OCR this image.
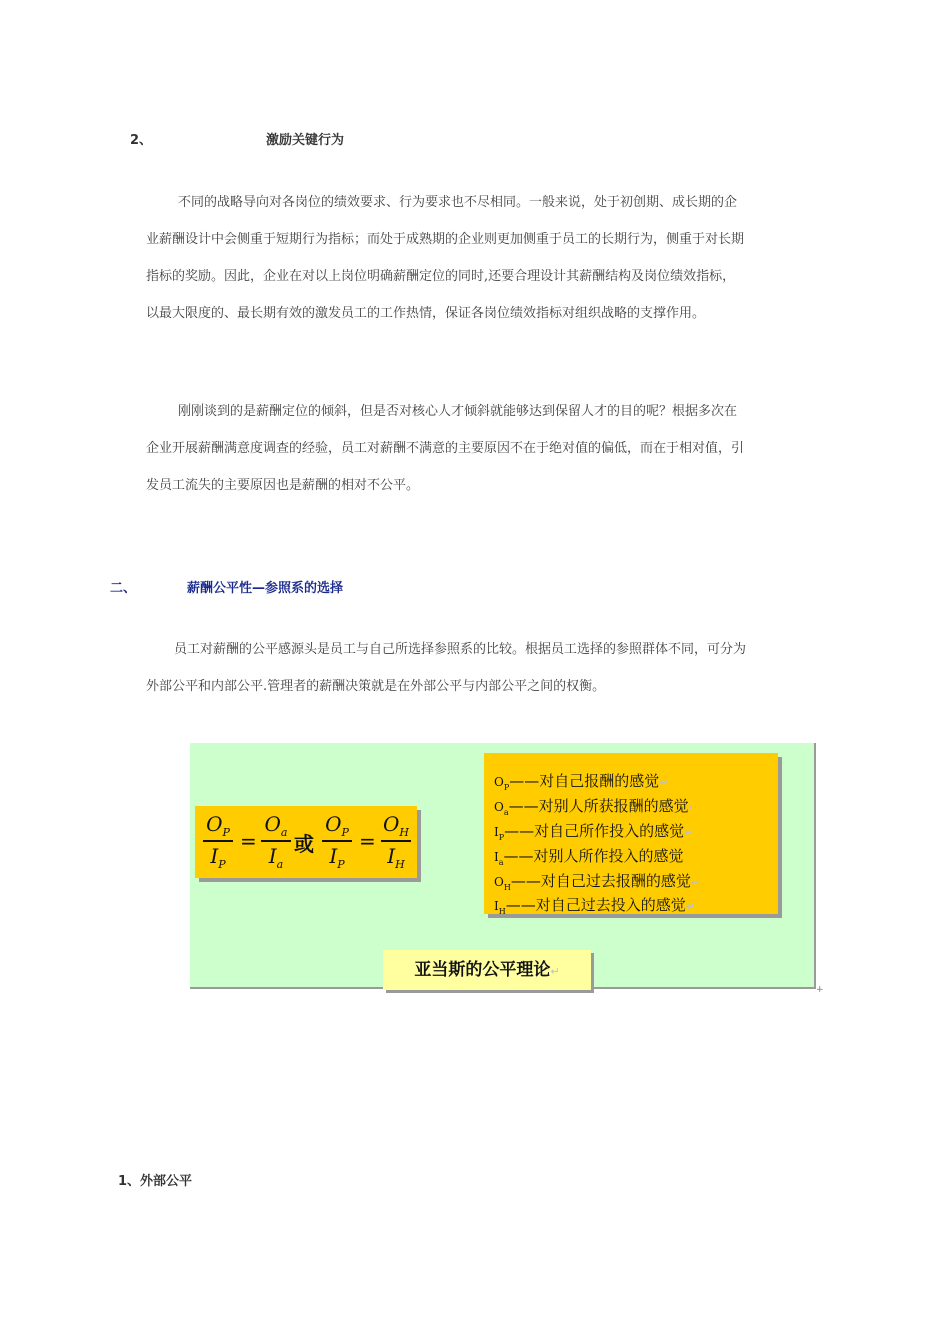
2、	激励关键行为
不同的战略导向对各岗位的绩效要求、行为要求也不尽相同。一般来说，处于初创期、成长期的企
业薪酬设计中会侧重于短期行为指标；而处于成熟期的企业则更加侧重于员工的长期行为，侧重于对长期
指标的奖励。因此，企业在对以上岗位明确薪酬定位的同时,还要合理设计其薪酬结构及岗位绩效指标，
以最大限度的、最长期有效的激发员工的工作热情，保证各岗位绩效指标对组织战略的支撑作用。
刚刚谈到的是薪酬定位的倾斜，但是否对核心人才倾斜就能够达到保留人才的目的呢？根据多次在
企业开展薪酬满意度调查的经验，员工对薪酬不满意的主要原因不在于绝对值的偏低，而在于相对值，引
发员工流失的主要原因也是薪酬的相对不公平。
二、	薪酬公平性—参照系的选择
员工对薪酬的公平感源头是员工与自己所选择参照系的比较。根据员工选择的参照群体不同，可分为
外部公平和内部公平.管理者的薪酬决策就是在外部公平与内部公平之间的权衡。
$\frac{O_P}{I_P} = \frac{O_a}{I_a}$ 或 $\frac{O_P}{I_P} = \frac{O_H}{I_H}$
$O_P——$对自己报酬的感觉↵
$O_a——$对别人所获报酬的感觉↵
$I_P——$对自己所作投入的感觉↵
$I_a——$对别人所作投入的感觉
$O_H——$对自己过去报酬的感觉↵
$I_H——$对自己过去投入的感觉↵
亚当斯的公平理论↵
+
1、外部公平
